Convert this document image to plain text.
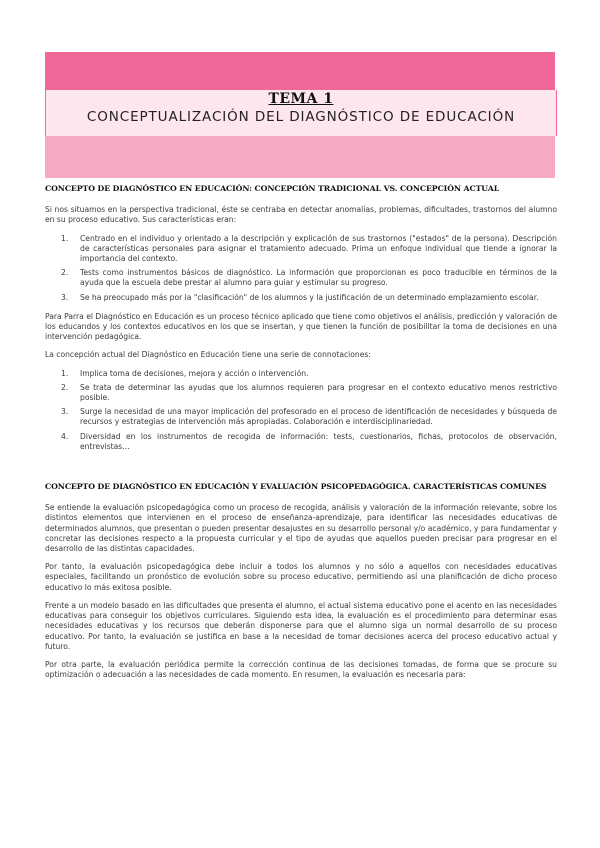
TEMA 1
CONCEPTUALIZACIÓN DEL DIAGNÓSTICO DE EDUCACIÓN
CONCEPTO DE DIAGNÓSTICO EN EDUCACIÓN: CONCEPCIÓN TRADICIONAL VS. CONCEPCIÓN ACTUAL

Si nos situamos en la perspectiva tradicional, éste se centraba en detectar anomalías, problemas, dificultades, trastornos del alumno en su proceso educativo. Sus características eran:

1. Centrado en el individuo y orientado a la descripción y explicación de sus trastornos ("estados" de la persona). Descripción de características personales para asignar el tratamiento adecuado. Prima un enfoque individual que tiende a ignorar la importancia del contexto.
2. Tests como instrumentos básicos de diagnóstico. La información que proporcionan es poco traducible en términos de la ayuda que la escuela debe prestar al alumno para guiar y estimular su progreso.
3. Se ha preocupado más por la "clasificación" de los alumnos y la justificación de un determinado emplazamiento escolar.

Para Parra el Diagnóstico en Educación es un proceso técnico aplicado que tiene como objetivos el análisis, predicción y valoración de los educandos y los contextos educativos en los que se insertan, y que tienen la función de posibilitar la toma de decisiones en una intervención pedagógica.

La concepción actual del Diagnóstico en Educación tiene una serie de connotaciones:

1. Implica toma de decisiones, mejora y acción o intervención.
2. Se trata de determinar las ayudas que los alumnos requieren para progresar en el contexto educativo menos restrictivo posible.
3. Surge la necesidad de una mayor implicación del profesorado en el proceso de identificación de necesidades y búsqueda de recursos y estrategias de intervención más apropiadas. Colaboración e interdisciplinariedad.
4. Diversidad en los instrumentos de recogida de información: tests, cuestionarios, fichas, protocolos de observación, entrevistas…
CONCEPTO DE DIAGNÓSTICO EN EDUCACIÓN Y EVALUACIÓN PSICOPEDAGÓGICA. CARACTERÍSTICAS COMUNES

Se entiende la evaluación psicopedagógica como un proceso de recogida, análisis y valoración de la información relevante, sobre los distintos elementos que intervienen en el proceso de enseñanza-aprendizaje, para identificar las necesidades educativas de determinados alumnos, que presentan o pueden presentar desajustes en su desarrollo personal y/o académico, y para fundamentar y concretar las decisiones respecto a la propuesta curricular y el tipo de ayudas que aquellos pueden precisar para progresar en el desarrollo de las distintas capacidades.

Por tanto, la evaluación psicopedagógica debe incluir a todos los alumnos y no sólo a aquellos con necesidades educativas especiales, facilitando un pronóstico de evolución sobre su proceso educativo, permitiendo así una planificación de dicho proceso educativo lo más exitosa posible.

Frente a un modelo basado en las dificultades que presenta el alumno, el actual sistema educativo pone el acento en las necesidades educativas para conseguir los objetivos curriculares. Siguiendo esta idea, la evaluación es el procedimiento para determinar esas necesidades educativas y los recursos que deberán disponerse para que el alumno siga un normal desarrollo de su proceso educativo. Por tanto, la evaluación se justifica en base a la necesidad de tomar decisiones acerca del proceso educativo actual y futuro.

Por otra parte, la evaluación periódica permite la corrección continua de las decisiones tomadas, de forma que se procure su optimización o adecuación a las necesidades de cada momento. En resumen, la evaluación es necesaria para:
